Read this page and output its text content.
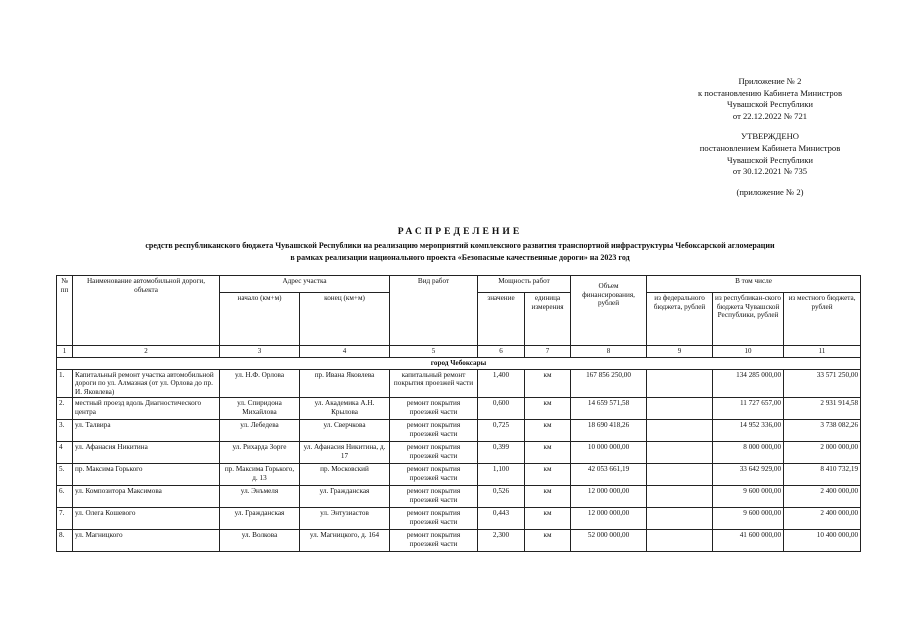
Приложение № 2
к постановлению Кабинета Министров
Чувашской Республики
от 22.12.2022 № 721
УТВЕРЖДЕНО
постановлением Кабинета Министров
Чувашской Республики
от 30.12.2021 № 735
(приложение № 2)
РАСПРЕДЕЛЕНИЕ
средств республиканского бюджета Чувашской Республики на реализацию мероприятий комплексного развития транспортной инфраструктуры Чебоксарской агломерации
в рамках реализации национального проекта «Безопасные качественные дороги» на 2023 год
№ пп	Наименование автомобильной дороги, объекта	Адрес участка		Вид работ	Мощность работ		Объем финансирования, рублей	В том числе		
		начало (км+м)	конец (км+м)		значение	единица измерения		из федерального бюджета, рублей	из республикан-ского бюджета Чувашской Республики, рублей	из местного бюджета, рублей
1	2	3	4	5	6	7	8	9	10	11
город Чебоксары										
1.	Капитальный ремонт участка автомобильной дороги по ул. Алмазная (от ул. Орлова до пр. И. Яковлева)	ул. Н.Ф. Орлова	пр. Ивана Яковлева	капитальный ремонт покрытия проезжей части	1,400	км	167 856 250,00		134 285 000,00	33 571 250,00
2.	местный проезд вдоль Диагностического центра	ул. Спиридона Михайлова	ул. Академика А.Н. Крылова	ремонт покрытия проезжей части	0,600	км	14 659 571,58		11 727 657,00	2 931 914,58
3.	ул. Талвира	ул. Лебедева	ул. Сверчкова	ремонт покрытия проезжей части	0,725	км	18 690 418,26		14 952 336,00	3 738 082,26
4	ул. Афанасия Никитина	ул. Рихарда Зорге	ул. Афанасия Никитина, д. 17	ремонт покрытия проезжей части	0,399	км	10 000 000,00		8 000 000,00	2 000 000,00
5.	пр. Максима Горького	пр. Максима Горького, д. 13	пр. Московский	ремонт покрытия проезжей части	1,100	км	42 053 661,19		33 642 929,00	8 410 732,19
6.	ул. Композитора Максимова	ул. Энъмеля	ул. Гражданская	ремонт покрытия проезжей части	0,526	км	12 000 000,00		9 600 000,00	2 400 000,00
7.	ул. Олега Кошевого	ул. Гражданская	ул. Энтузиастов	ремонт покрытия проезжей части	0,443	км	12 000 000,00		9 600 000,00	2 400 000,00
8.	ул. Магницкого	ул. Волкова	ул. Магницкого, д. 164	ремонт покрытия проезжей части	2,300	км	52 000 000,00		41 600 000,00	10 400 000,00
